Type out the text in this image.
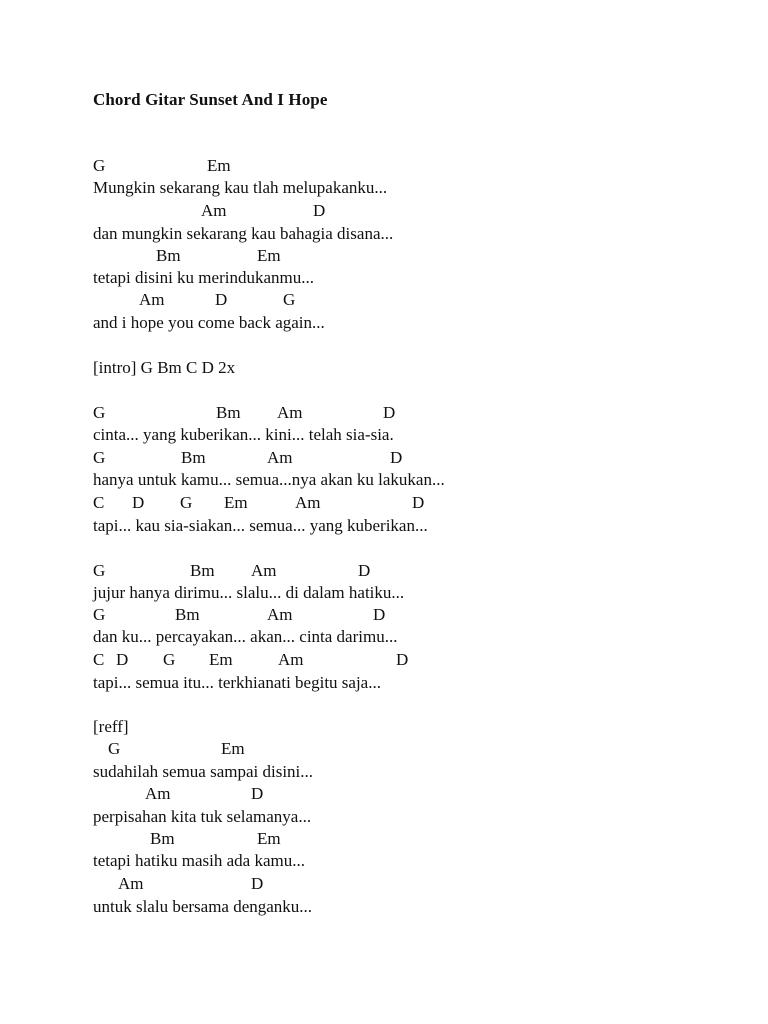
Chord Gitar Sunset And I Hope
G	Em
Mungkin sekarang kau tlah melupakanku...
Am	D
dan mungkin sekarang kau bahagia disana...
Bm	Em
tetapi disini ku merindukanmu...
Am	D	G
and i hope you come back again...
[intro] G Bm C D 2x
G	Bm Am	D
cinta... yang kuberikan... kini... telah sia-sia.
G	Bm	Am	D
hanya untuk kamu... semua...nya akan ku lakukan...
C D G Em	Am	D
tapi... kau sia-siakan... semua... yang kuberikan...
G	Bm Am	D
jujur hanya dirimu... slalu... di dalam hatiku...
G	Bm	Am	D
dan ku... percayakan... akan... cinta darimu...
C D G Em	Am	D
tapi... semua itu... terkhianati begitu saja...
[reff]
G	Em
sudahilah semua sampai disini...
Am	D
perpisahan kita tuk selamanya...
Bm	Em
tetapi hatiku masih ada kamu...
Am	D
untuk slalu bersama denganku...
